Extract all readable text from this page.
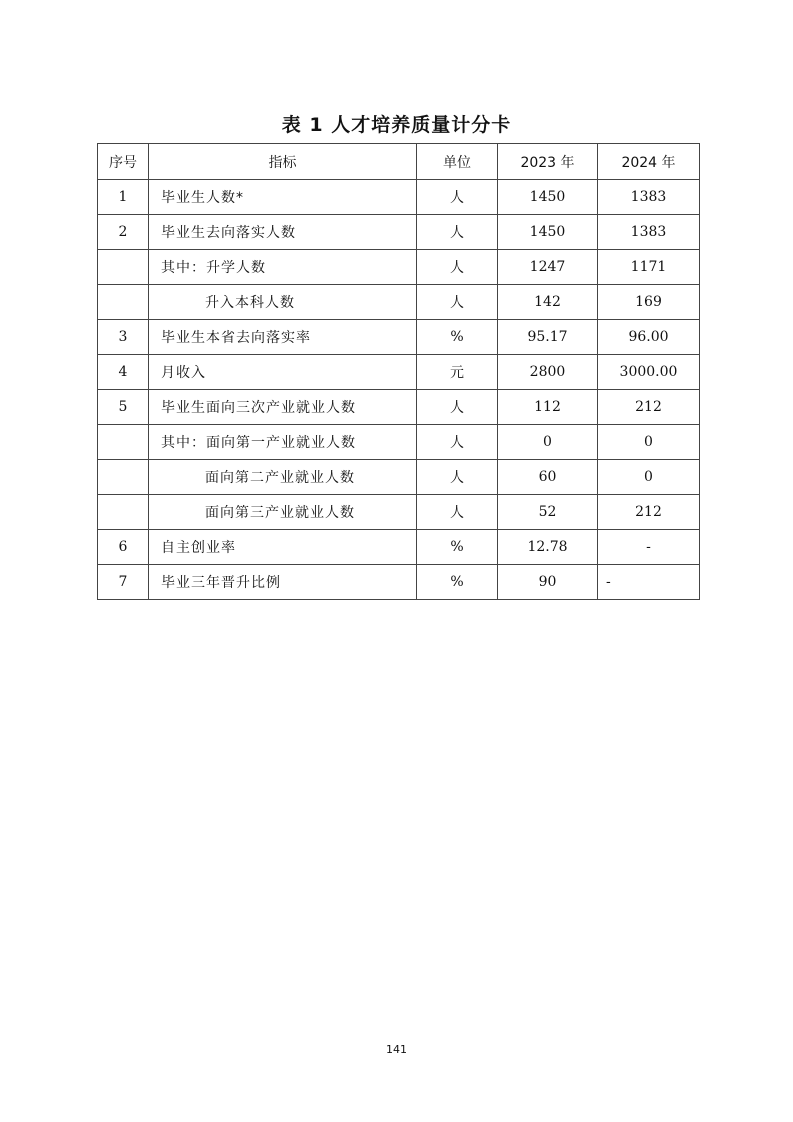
表 1 人才培养质量计分卡
序号	指标	单位	2023 年	2024 年
1	毕业生人数*	人	1450	1383
2	毕业生去向落实人数	人	1450	1383
	其中：升学人数	人	1247	1171
	升入本科人数	人	142	169
3	毕业生本省去向落实率	%	95.17	96.00
4	月收入	元	2800	3000.00
5	毕业生面向三次产业就业人数	人	112	212
	其中：面向第一产业就业人数	人	0	0
	面向第二产业就业人数	人	60	0
	面向第三产业就业人数	人	52	212
6	自主创业率	%	12.78	-
7	毕业三年晋升比例	%	90	-
141
